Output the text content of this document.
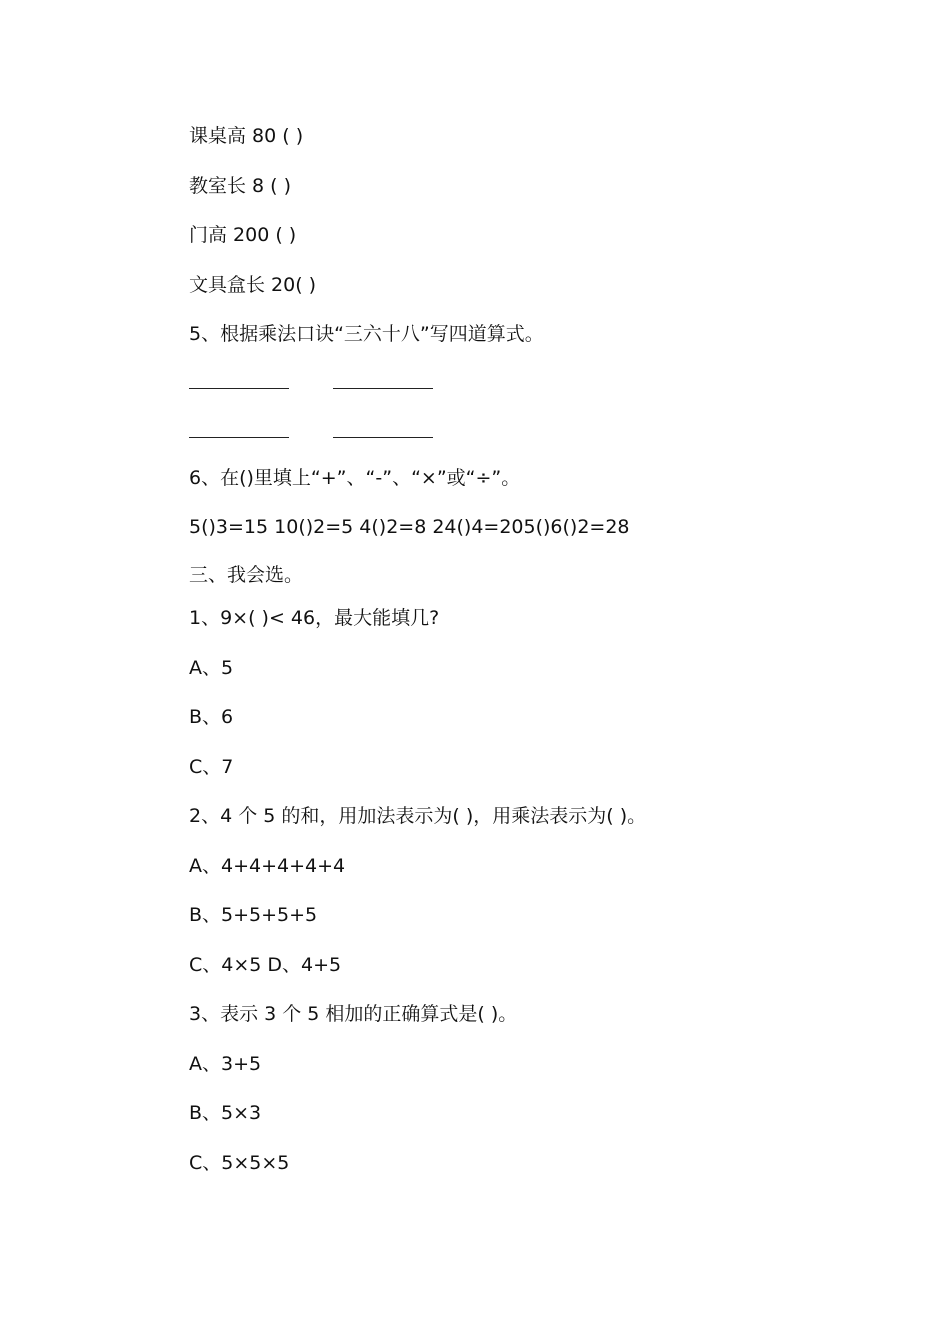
课桌高 80 ( )

教室长 8 ( )

门高 200 ( )

文具盒长 20( )

5、根据乘法口诀“三六十八”写四道算式。

6、在()里填上“+”、“-”、“×”或“÷”。

5()3=15 10()2=5 4()2=8 24()4=205()6()2=28

三、我会选。

1、9×( )< 46，最大能填几?

A、5

B、6

C、7

2、4 个 5 的和，用加法表示为( )，用乘法表示为( )。

A、4+4+4+4+4

B、5+5+5+5

C、4×5 D、4+5

3、表示 3 个 5 相加的正确算式是( )。

A、3+5

B、5×3

C、5×5×5
